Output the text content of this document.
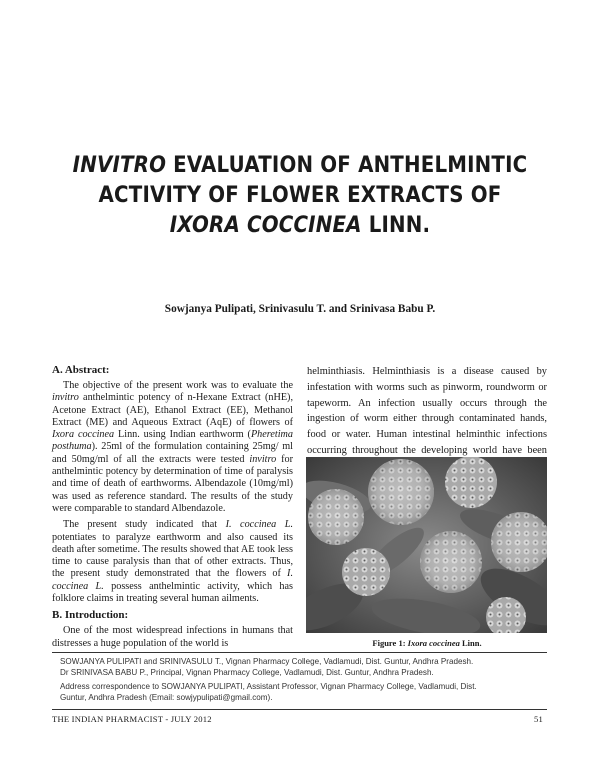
INVITRO EVALUATION OF ANTHELMINTIC
ACTIVITY OF FLOWER EXTRACTS OF
IXORA COCCINEA LINN.
Sowjanya Pulipati, Srinivasulu T. and Srinivasa Babu P.
A. Abstract:

The objective of the present work was to evaluate the invitro anthelmintic potency of n-Hexane Extract (nHE), Acetone Extract (AE), Ethanol Extract (EE), Methanol Extract (ME) and Aqueous Extract (AqE) of flowers of Ixora coccinea Linn. using Indian earthworm (Pheretima posthuma). 25ml of the formulation containing 25mg/ ml and 50mg/ml of all the extracts were tested invitro for anthelmintic potency by determination of time of paralysis and time of death of earthworms. Albendazole (10mg/ml) was used as reference standard. The results of the study were comparable to standard Albendazole.

The present study indicated that I. coccinea L. potentiates to paralyze earthworm and also caused its death after sometime. The results showed that AE took less time to cause paralysis than that of other extracts. Thus, the present study demonstrated that the flowers of I. coccinea L. possess anthelmintic activity, which has folklore claims in treating several human ailments.

B. Introduction:

One of the most widespread infections in humans that distresses a huge population of the world is

helminthiasis. Helminthiasis is a disease caused by infestation with worms such as pinworm, roundworm or tapeworm. An infection usually occurs through the ingestion of worm either through contaminated hands, food or water. Human intestinal helminthic infections occurring throughout the developing world have been
Figure 1: Ixora coccinea Linn.
SOWJANYA PULIPATI and SRINIVASULU T., Vignan Pharmacy College, Vadlamudi, Dist. Guntur, Andhra Pradesh.
Dr SRINIVASA BABU P., Principal, Vignan Pharmacy College, Vadlamudi, Dist. Guntur, Andhra Pradesh.
Address correspondence to SOWJANYA PULIPATI, Assistant Professor, Vignan Pharmacy College, Vadlamudi, Dist.
Guntur, Andhra Pradesh (Email: sowjypulipati@gmail.com).
THE INDIAN PHARMACIST - JULY 2012	51
